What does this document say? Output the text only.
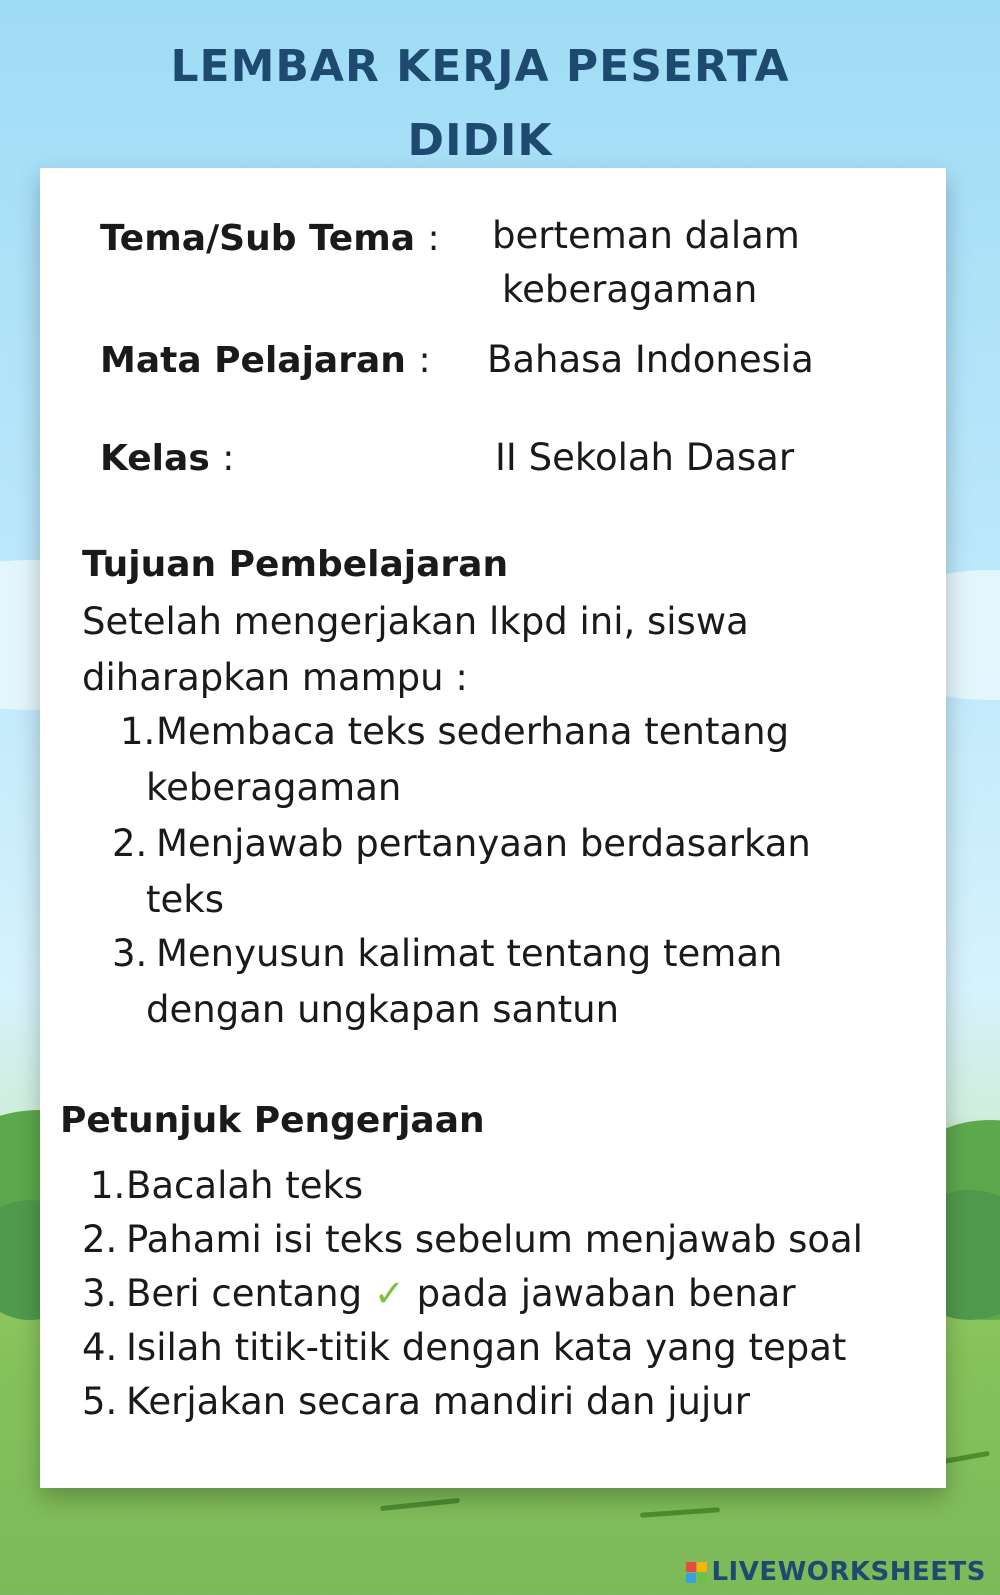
LEMBAR KERJA PESERTA
DIDIK
Tema/Sub Tema : berteman dalam
keberagaman
Mata Pelajaran : Bahasa Indonesia
Kelas :	II Sekolah Dasar
Tujuan Pembelajaran
Setelah mengerjakan lkpd ini, siswa
diharapkan mampu :
1. Membaca teks sederhana tentang
keberagaman
2. Menjawab pertanyaan berdasarkan
teks
3. Menyusun kalimat tentang teman
dengan ungkapan santun
Petunjuk Pengerjaan
1. Bacalah teks
2. Pahami isi teks sebelum menjawab soal
3. Beri centang ✓ pada jawaban benar
4. Isilah titik-titik dengan kata yang tepat
5. Kerjakan secara mandiri dan jujur
LIVEWORKSHEETS
